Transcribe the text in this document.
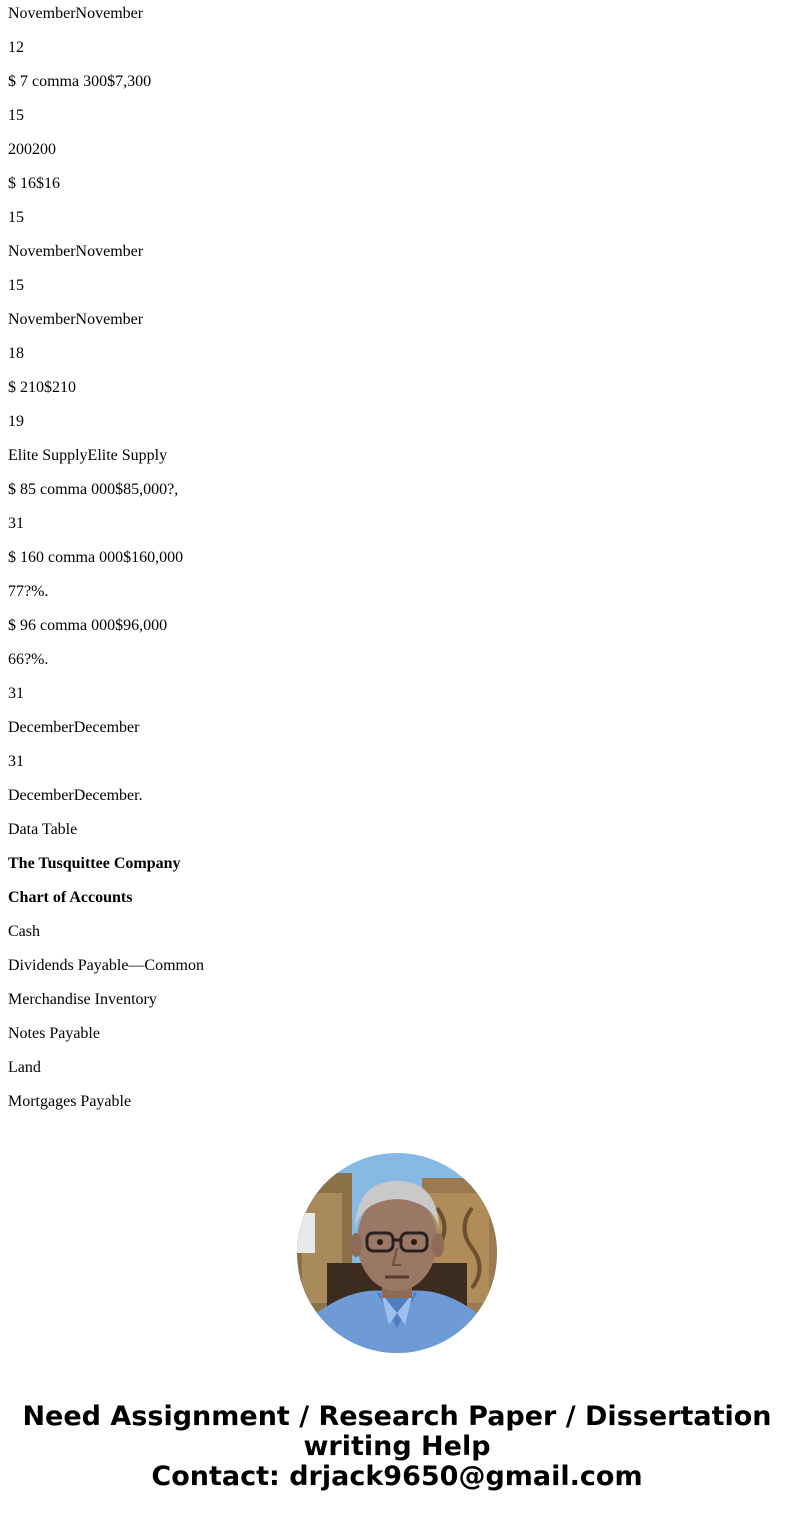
NovemberNovember
12
$ 7 comma 300$7,300
15
200200
$ 16$16
15
NovemberNovember
15
NovemberNovember
18
$ 210$210
19
Elite SupplyElite Supply
$ 85 comma 000$85,000?,
31
$ 160 comma 000$160,000
77?%.
$ 96 comma 000$96,000
66?%.
31
DecemberDecember
31
DecemberDecember.
Data Table
The Tusquittee Company
Chart of Accounts
Cash
Dividends Payable—Common
Merchandise Inventory
Notes Payable
Land
Mortgages Payable
Need Assignment / Research Paper / Dissertation
writing Help
Contact: drjack9650@gmail.com
